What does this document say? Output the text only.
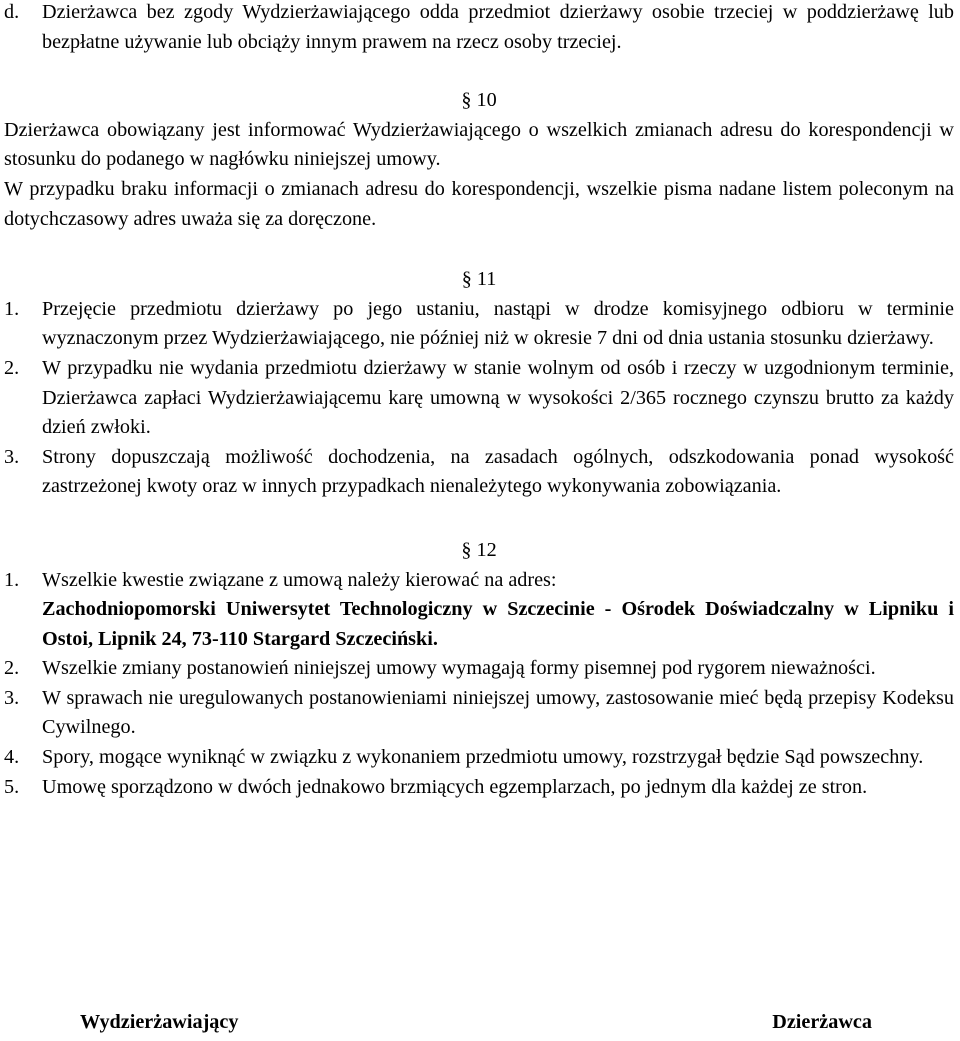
d.	Dzierżawca bez zgody Wydzierżawiającego odda przedmiot dzierżawy osobie trzeciej w poddzierżawę lub bezpłatne używanie lub obciąży innym prawem na rzecz osoby trzeciej.
§ 10

Dzierżawca obowiązany jest informować Wydzierżawiającego o wszelkich zmianach adresu do korespondencji w stosunku do podanego w nagłówku niniejszej umowy.

W przypadku braku informacji o zmianach adresu do korespondencji, wszelkie pisma nadane listem poleconym na dotychczasowy adres uważa się za doręczone.

§ 11
1.	Przejęcie przedmiotu dzierżawy po jego ustaniu, nastąpi w drodze komisyjnego odbioru w terminie wyznaczonym przez Wydzierżawiającego, nie później niż w okresie 7 dni od dnia ustania stosunku dzierżawy.
2.	W przypadku nie wydania przedmiotu dzierżawy w stanie wolnym od osób i rzeczy w uzgodnionym terminie, Dzierżawca zapłaci Wydzierżawiającemu karę umowną w wysokości 2/365 rocznego czynszu brutto za każdy dzień zwłoki.
3.	Strony dopuszczają możliwość dochodzenia, na zasadach ogólnych, odszkodowania ponad wysokość zastrzeżonej kwoty oraz w innych przypadkach nienależytego wykonywania zobowiązania.
§ 12
1.	Wszelkie kwestie związane z umową należy kierować na adres:
Zachodniopomorski Uniwersytet Technologiczny w Szczecinie - Ośrodek Doświadczalny w Lipniku i Ostoi, Lipnik 24, 73-110 Stargard Szczeciński.
2.	Wszelkie zmiany postanowień niniejszej umowy wymagają formy pisemnej pod rygorem nieważności.
3.	W sprawach nie uregulowanych postanowieniami niniejszej umowy, zastosowanie mieć będą przepisy Kodeksu Cywilnego.
4.	Spory, mogące wyniknąć w związku z wykonaniem przedmiotu umowy, rozstrzygał będzie Sąd powszechny.
5.	Umowę sporządzono w dwóch jednakowo brzmiących egzemplarzach, po jednym dla każdej ze stron.
Wydzierżawiający	Dzierżawca
